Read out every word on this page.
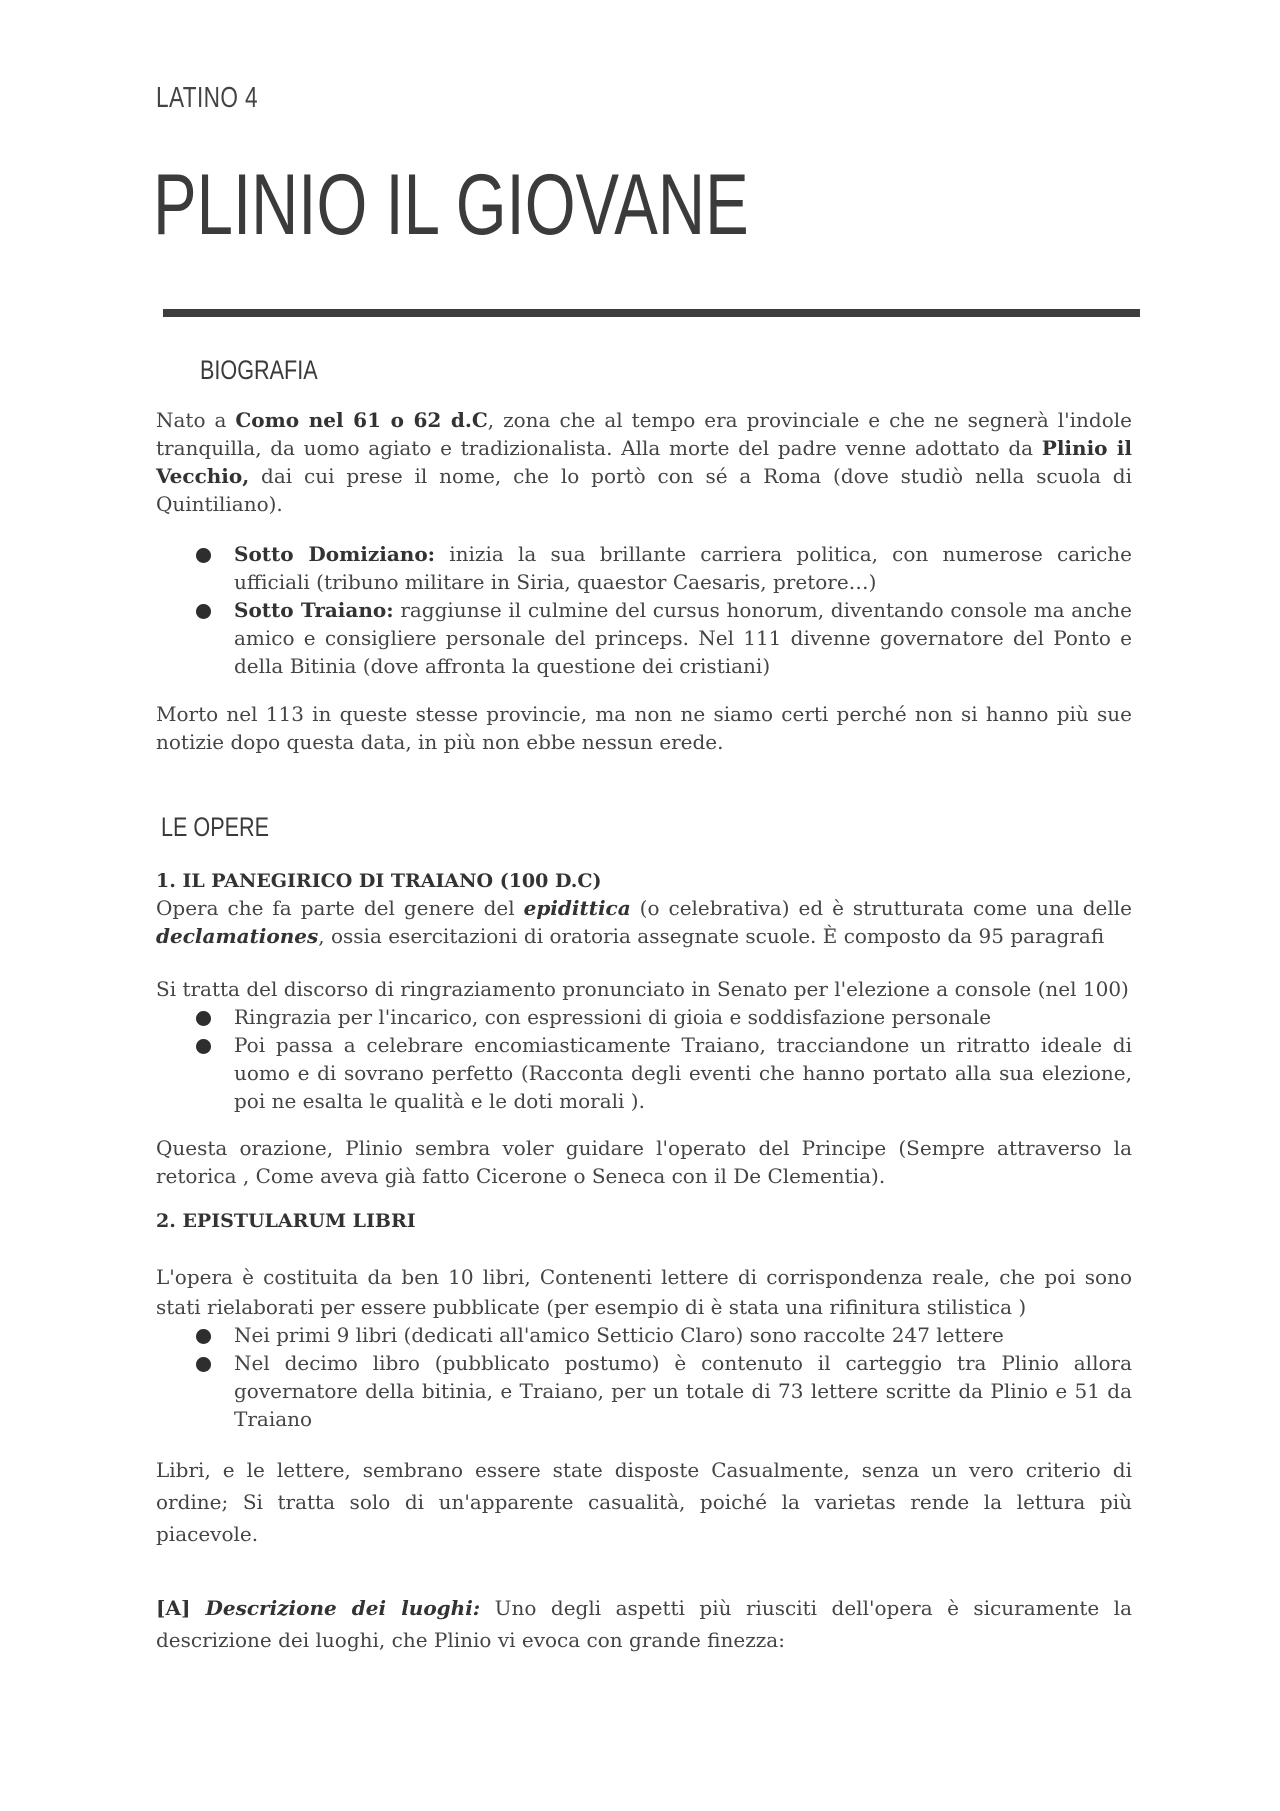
LATINO 4
PLINIO IL GIOVANE
BIOGRAFIA
Nato a Como nel 61 o 62 d.C, zona che al tempo era provinciale e che ne segnerà l'indole tranquilla, da uomo agiato e tradizionalista. Alla morte del padre venne adottato da Plinio il Vecchio, dai cui prese il nome, che lo portò con sé a Roma (dove studiò nella scuola di Quintiliano).
Sotto Domiziano: inizia la sua brillante carriera politica, con numerose cariche ufficiali (tribuno militare in Siria, quaestor Caesaris, pretore…)
Sotto Traiano: raggiunse il culmine del cursus honorum, diventando console ma anche amico e consigliere personale del princeps. Nel 111 divenne governatore del Ponto e della Bitinia (dove affronta la questione dei cristiani)
Morto nel 113 in queste stesse provincie, ma non ne siamo certi perché non si hanno più sue notizie dopo questa data, in più non ebbe nessun erede.
LE OPERE
1. IL PANEGIRICO DI TRAIANO (100 D.C)
Opera che fa parte del genere del epidittica (o celebrativa) ed è strutturata come una delle declamationes, ossia esercitazioni di oratoria assegnate scuole. È composto da 95 paragrafi
Si tratta del discorso di ringraziamento pronunciato in Senato per l'elezione a console (nel 100)
Ringrazia per l'incarico, con espressioni di gioia e soddisfazione personale
Poi passa a celebrare encomiasticamente Traiano, tracciandone un ritratto ideale di uomo e di sovrano perfetto (Racconta degli eventi che hanno portato alla sua elezione, poi ne esalta le qualità e le doti morali ).
Questa orazione, Plinio sembra voler guidare l'operato del Principe (Sempre attraverso la retorica , Come aveva già fatto Cicerone o Seneca con il De Clementia).
2. EPISTULARUM LIBRI
L'opera è costituita da ben 10 libri, Contenenti lettere di corrispondenza reale, che poi sono stati rielaborati per essere pubblicate (per esempio di è stata una rifinitura stilistica )
Nei primi 9 libri (dedicati all'amico Setticio Claro) sono raccolte 247 lettere
Nel decimo libro (pubblicato postumo) è contenuto il carteggio tra Plinio allora governatore della bitinia, e Traiano, per un totale di 73 lettere scritte da Plinio e 51 da Traiano
Libri, e le lettere, sembrano essere state disposte Casualmente, senza un vero criterio di ordine; Si tratta solo di un'apparente casualità, poiché la varietas rende la lettura più piacevole.
[A] Descrizione dei luoghi: Uno degli aspetti più riusciti dell'opera è sicuramente la descrizione dei luoghi, che Plinio vi evoca con grande finezza:
